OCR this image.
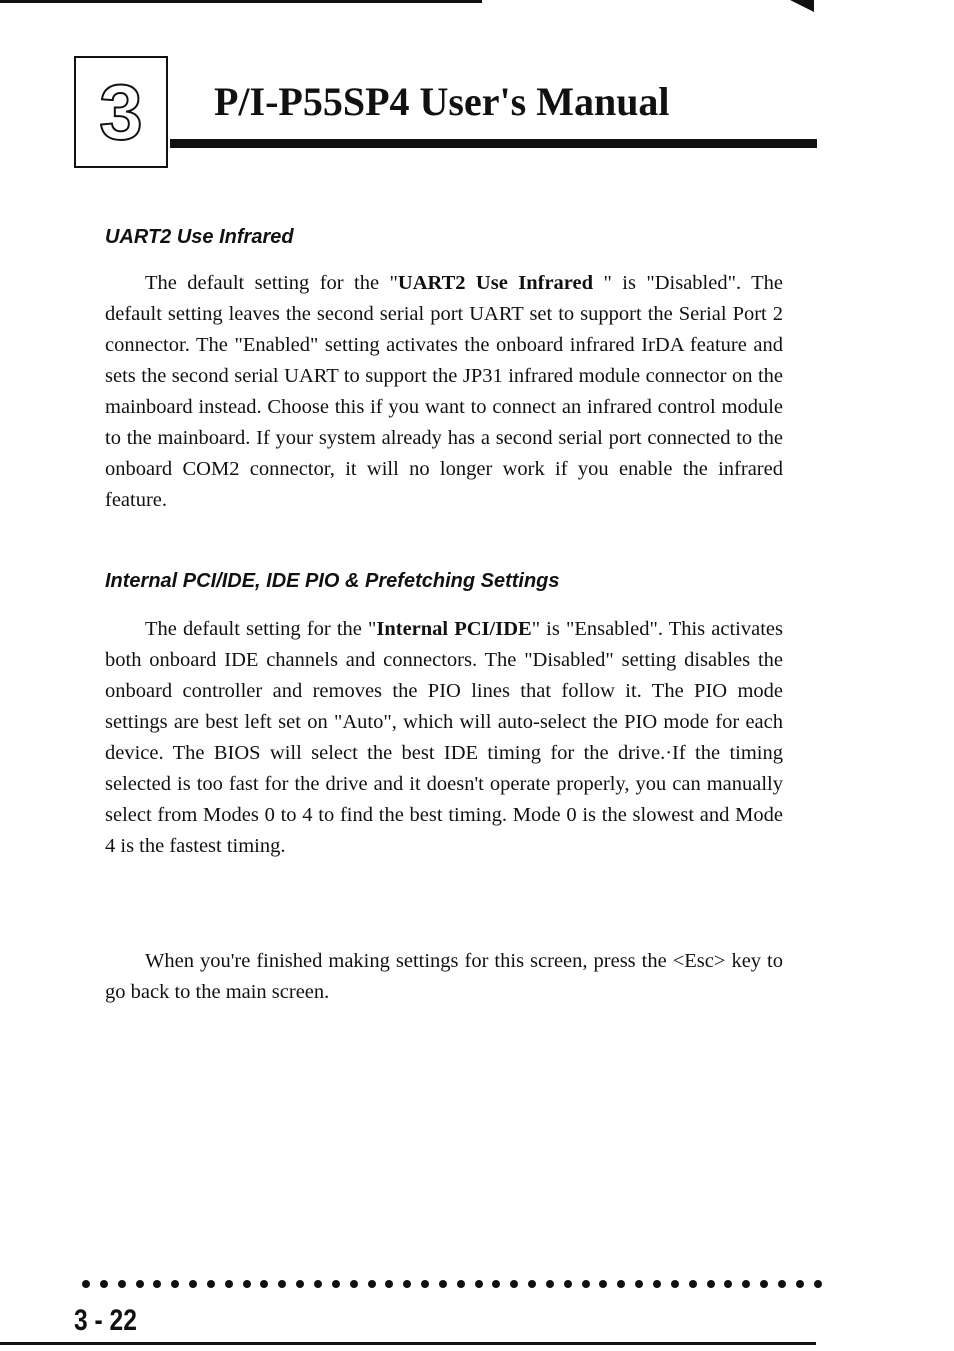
3 P/I-P55SP4 User's Manual
UART2 Use Infrared

The default setting for the "UART2 Use Infrared " is "Disabled". The default setting leaves the second serial port UART set to support the Serial Port 2 connector. The "Enabled" setting activates the onboard infrared IrDA feature and sets the second serial UART to support the JP31 infrared module connector on the mainboard instead. Choose this if you want to connect an infrared control module to the mainboard. If your system already has a second serial port connected to the onboard COM2 connector, it will no longer work if you enable the infrared feature.

Internal PCI/IDE, IDE PIO & Prefetching Settings

The default setting for the "Internal PCI/IDE" is "Ensabled". This activates both onboard IDE channels and connectors. The "Disabled" setting disables the onboard controller and removes the PIO lines that follow it. The PIO mode settings are best left set on "Auto", which will auto-select the PIO mode for each device. The BIOS will select the best IDE timing for the drive.·If the timing selected is too fast for the drive and it doesn't operate properly, you can manually select from Modes 0 to 4 to find the best timing. Mode 0 is the slowest and Mode 4 is the fastest timing.

When you're finished making settings for this screen, press the <Esc> key to go back to the main screen.

3 - 22
